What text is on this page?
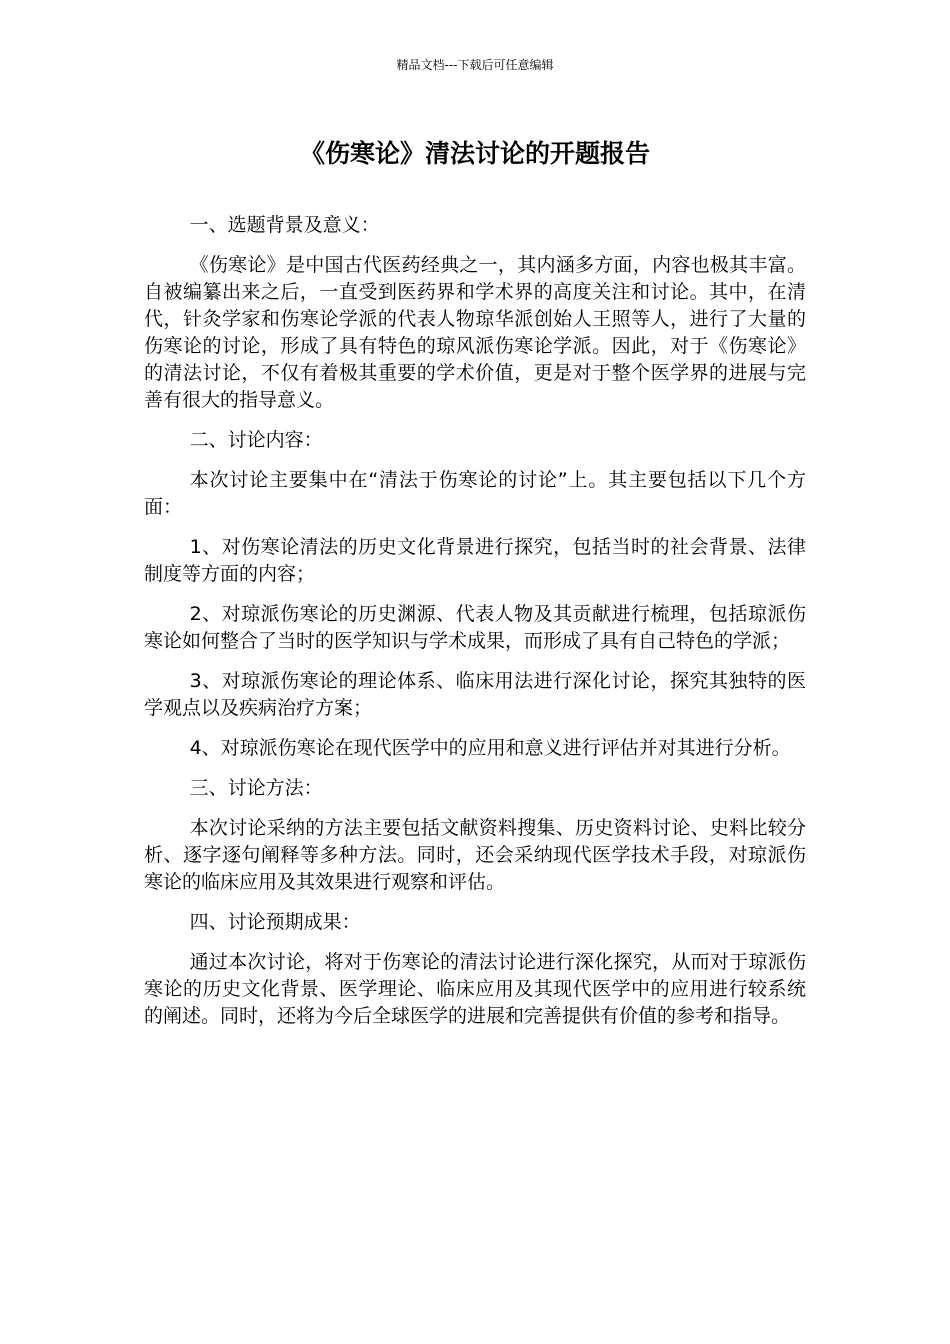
精品文档---下载后可任意编辑
《伤寒论》清法讨论的开题报告

一、选题背景及意义：

《伤寒论》是中国古代医药经典之一，其内涵多方面，内容也极其丰富。自被编纂出来之后，一直受到医药界和学术界的高度关注和讨论。其中，在清代，针灸学家和伤寒论学派的代表人物琼华派创始人王照等人，进行了大量的伤寒论的讨论，形成了具有特色的琼风派伤寒论学派。因此，对于《伤寒论》的清法讨论，不仅有着极其重要的学术价值，更是对于整个医学界的进展与完善有很大的指导意义。

二、讨论内容：

本次讨论主要集中在“清法于伤寒论的讨论”上。其主要包括以下几个方面：

1、对伤寒论清法的历史文化背景进行探究，包括当时的社会背景、法律制度等方面的内容；

2、对琼派伤寒论的历史渊源、代表人物及其贡献进行梳理，包括琼派伤寒论如何整合了当时的医学知识与学术成果，而形成了具有自己特色的学派；

3、对琼派伤寒论的理论体系、临床用法进行深化讨论，探究其独特的医学观点以及疾病治疗方案；

4、对琼派伤寒论在现代医学中的应用和意义进行评估并对其进行分析。

三、讨论方法：

本次讨论采纳的方法主要包括文献资料搜集、历史资料讨论、史料比较分析、逐字逐句阐释等多种方法。同时，还会采纳现代医学技术手段，对琼派伤寒论的临床应用及其效果进行观察和评估。

四、讨论预期成果：

通过本次讨论，将对于伤寒论的清法讨论进行深化探究，从而对于琼派伤寒论的历史文化背景、医学理论、临床应用及其现代医学中的应用进行较系统的阐述。同时，还将为今后全球医学的进展和完善提供有价值的参考和指导。
